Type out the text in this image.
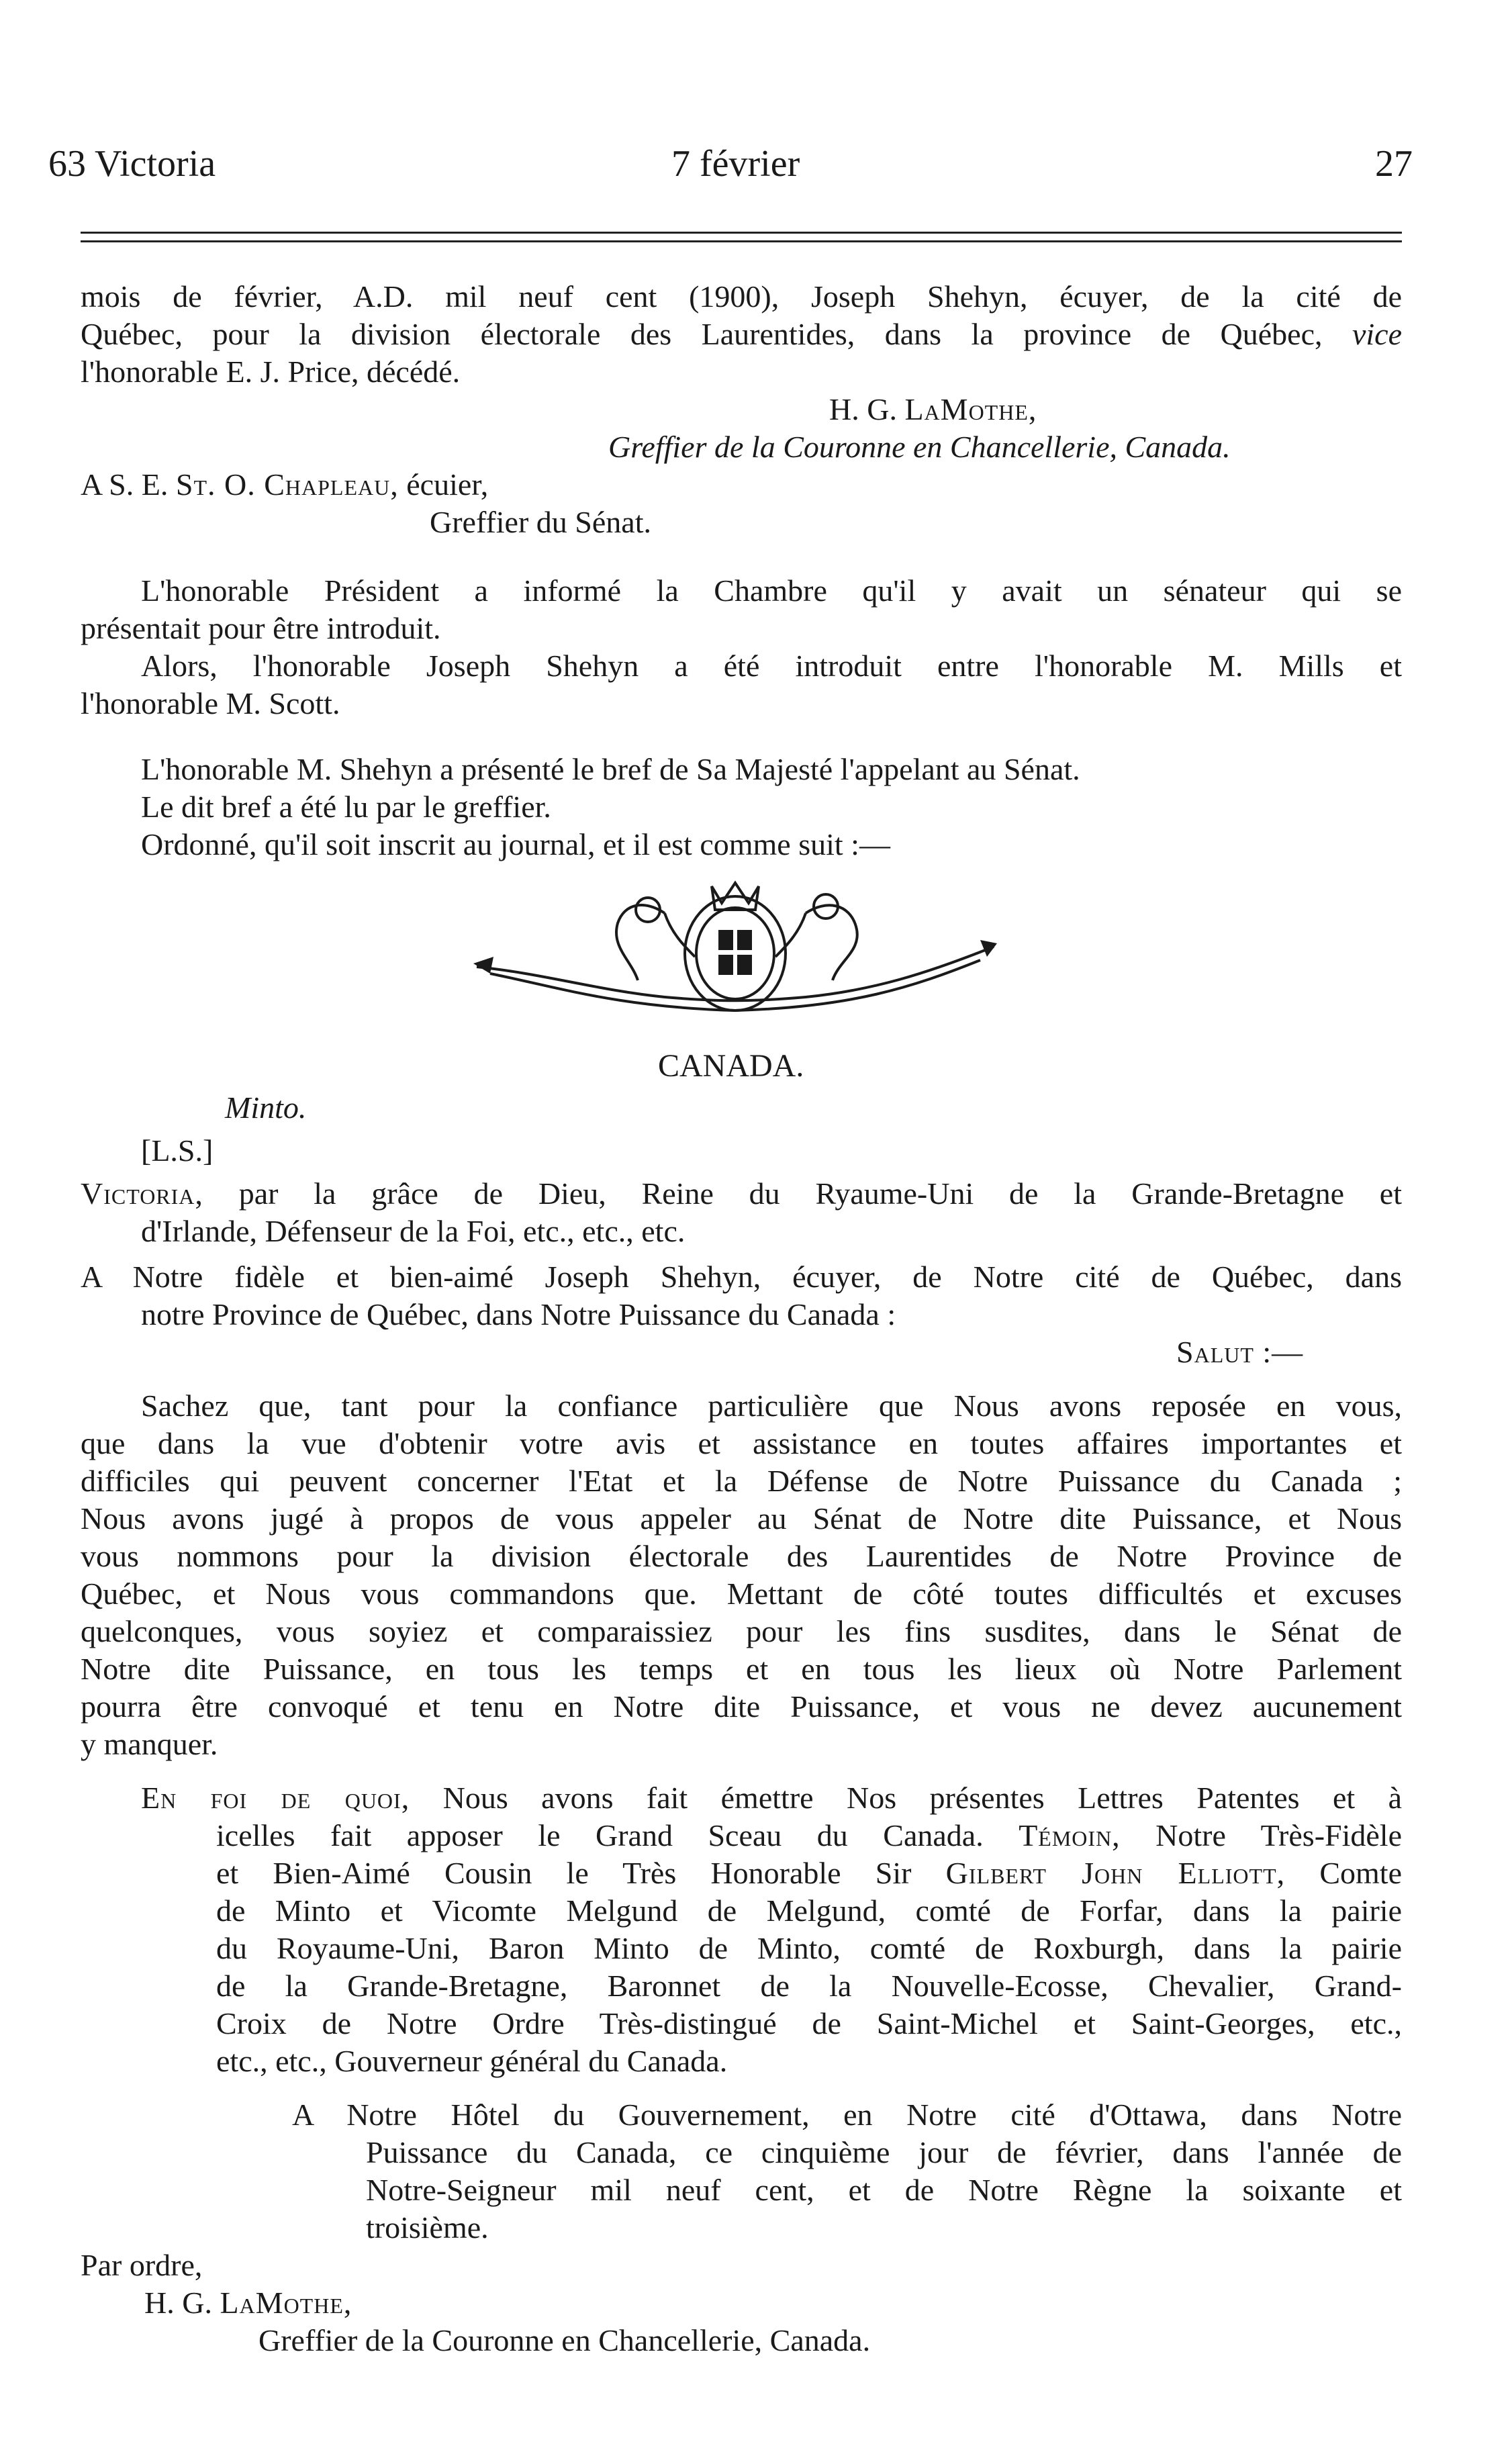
63 Victoria	7 février	27
mois de février, A.D. mil neuf cent (1900), Joseph Shehyn, écuyer, de la cité de
Québec, pour la division électorale des Laurentides, dans la province de Québec, vice
l'honorable E. J. Price, décédé.
H. G. LaMothe,
Greffier de la Couronne en Chancellerie, Canada.
A S. E. St. O. Chapleau, écuier,
Greffier du Sénat.
L'honorable Président a informé la Chambre qu'il y avait un sénateur qui se
présentait pour être introduit.
Alors, l'honorable Joseph Shehyn a été introduit entre l'honorable M. Mills et
l'honorable M. Scott.
L'honorable M. Shehyn a présenté le bref de Sa Majesté l'appelant au Sénat.
Le dit bref a été lu par le greffier.
Ordonné, qu'il soit inscrit au journal, et il est comme suit :—
CANADA.
Minto.
[L.S.]
Victoria, par la grâce de Dieu, Reine du Ryaume-Uni de la Grande-Bretagne et
d'Irlande, Défenseur de la Foi, etc., etc., etc.
A Notre fidèle et bien-aimé Joseph Shehyn, écuyer, de Notre cité de Québec, dans
notre Province de Québec, dans Notre Puissance du Canada :
Salut :—
Sachez que, tant pour la confiance particulière que Nous avons reposée en vous,
que dans la vue d'obtenir votre avis et assistance en toutes affaires importantes et
difficiles qui peuvent concerner l'Etat et la Défense de Notre Puissance du Canada ;
Nous avons jugé à propos de vous appeler au Sénat de Notre dite Puissance, et Nous
vous nommons pour la division électorale des Laurentides de Notre Province de
Québec, et Nous vous commandons que. Mettant de côté toutes difficultés et excuses
quelconques, vous soyiez et comparaissiez pour les fins susdites, dans le Sénat de
Notre dite Puissance, en tous les temps et en tous les lieux où Notre Parlement
pourra être convoqué et tenu en Notre dite Puissance, et vous ne devez aucunement
y manquer.
En foi de quoi, Nous avons fait émettre Nos présentes Lettres Patentes et à
icelles fait apposer le Grand Sceau du Canada. Témoin, Notre Très-Fidèle
et Bien-Aimé Cousin le Très Honorable Sir Gilbert John Elliott, Comte
de Minto et Vicomte Melgund de Melgund, comté de Forfar, dans la pairie
du Royaume-Uni, Baron Minto de Minto, comté de Roxburgh, dans la pairie
de la Grande-Bretagne, Baronnet de la Nouvelle-Ecosse, Chevalier, Grand-
Croix de Notre Ordre Très-distingué de Saint-Michel et Saint-Georges, etc.,
etc., etc., Gouverneur général du Canada.
A Notre Hôtel du Gouvernement, en Notre cité d'Ottawa, dans Notre
Puissance du Canada, ce cinquième jour de février, dans l'année de
Notre-Seigneur mil neuf cent, et de Notre Règne la soixante et
troisième.
Par ordre,
H. G. LaMothe,
Greffier de la Couronne en Chancellerie, Canada.
